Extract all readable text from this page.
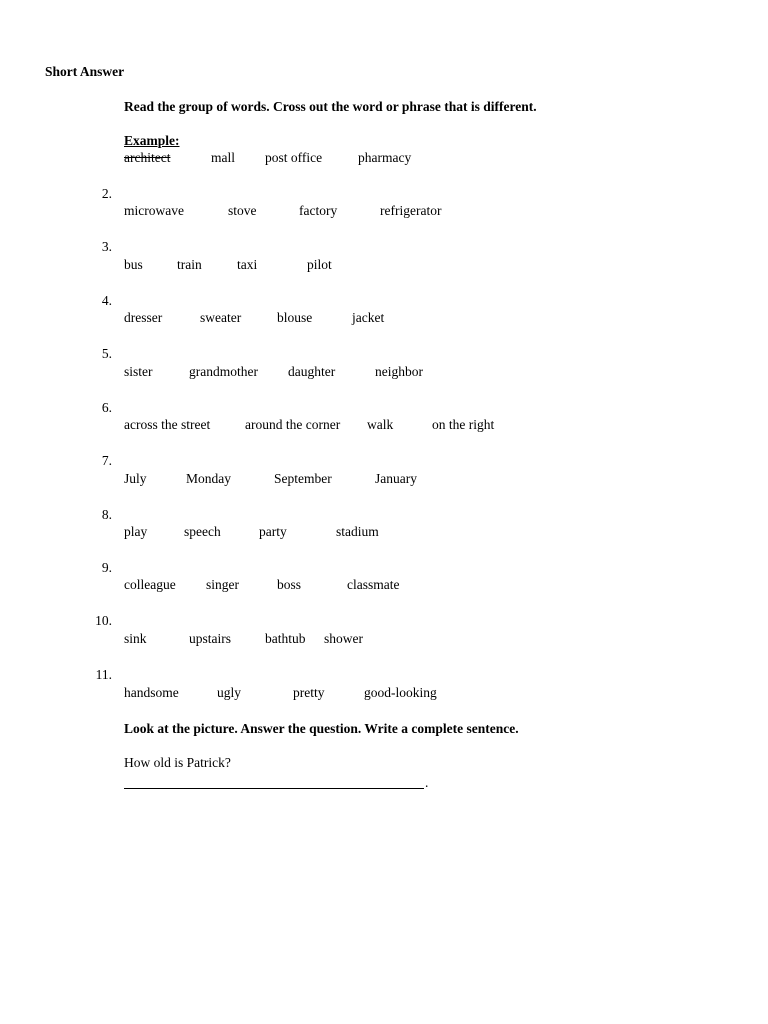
Short Answer
Read the group of words. Cross out the word or phrase that is different.
Example:
architect	mall post office	pharmacy
2.
microwave	stove	factory	refrigerator
3.
bus	train	taxi	pilot
4.
dresser	sweater	blouse	jacket
5.
sister	grandmother daughter	neighbor
6.
across the street	around the corner walk	on the right
7.
July	Monday	September	January
8.
play	speech	party	stadium
9.
colleague singer	boss	classmate
10.
sink	upstairs	bathtub shower
11.
handsome	ugly	pretty	good-looking
Look at the picture. Answer the question. Write a complete sentence.
How old is Patrick?
.
